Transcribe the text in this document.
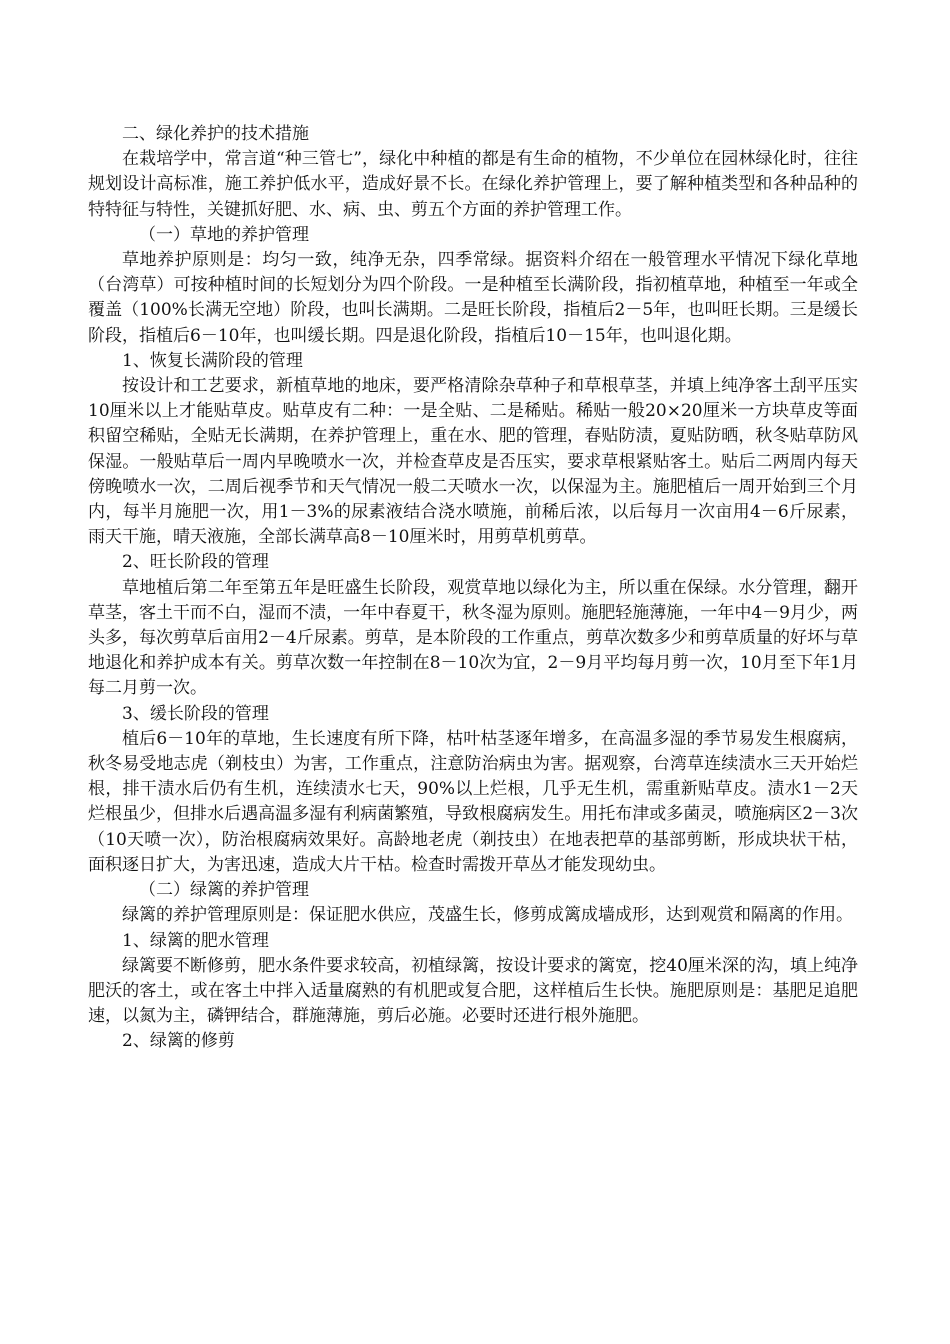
二、绿化养护的技术措施

在栽培学中，常言道“种三管七”，绿化中种植的都是有生命的植物，不少单位在园林绿化时，往往规划设计高标准，施工养护低水平，造成好景不长。在绿化养护管理上，要了解种植类型和各种品种的特特征与特性，关键抓好肥、水、病、虫、剪五个方面的养护管理工作。

（一）草地的养护管理

草地养护原则是：均匀一致，纯净无杂，四季常绿。据资料介绍在一般管理水平情况下绿化草地（台湾草）可按种植时间的长短划分为四个阶段。一是种植至长满阶段，指初植草地，种植至一年或全覆盖（100%长满无空地）阶段，也叫长满期。二是旺长阶段，指植后2－5年，也叫旺长期。三是缓长阶段，指植后6－10年，也叫缓长期。四是退化阶段，指植后10－15年，也叫退化期。

1、恢复长满阶段的管理

按设计和工艺要求，新植草地的地床，要严格清除杂草种子和草根草茎，并填上纯净客土刮平压实10厘米以上才能贴草皮。贴草皮有二种：一是全贴、二是稀贴。稀贴一般20×20厘米一方块草皮等面积留空稀贴，全贴无长满期，在养护管理上，重在水、肥的管理，春贴防渍，夏贴防晒，秋冬贴草防风保湿。一般贴草后一周内早晚喷水一次，并检查草皮是否压实，要求草根紧贴客土。贴后二两周内每天傍晚喷水一次，二周后视季节和天气情况一般二天喷水一次，以保湿为主。施肥植后一周开始到三个月内，每半月施肥一次，用1－3%的尿素液结合浇水喷施，前稀后浓，以后每月一次亩用4－6斤尿素，雨天干施，晴天液施，全部长满草高8－10厘米时，用剪草机剪草。

2、旺长阶段的管理

草地植后第二年至第五年是旺盛生长阶段，观赏草地以绿化为主，所以重在保绿。水分管理，翻开草茎，客土干而不白，湿而不渍，一年中春夏干，秋冬湿为原则。施肥轻施薄施，一年中4－9月少，两头多，每次剪草后亩用2－4斤尿素。剪草，是本阶段的工作重点，剪草次数多少和剪草质量的好坏与草地退化和养护成本有关。剪草次数一年控制在8－10次为宜，2－9月平均每月剪一次，10月至下年1月每二月剪一次。

3、缓长阶段的管理

植后6－10年的草地，生长速度有所下降，枯叶枯茎逐年增多，在高温多湿的季节易发生根腐病，秋冬易受地志虎（剃枝虫）为害，工作重点，注意防治病虫为害。据观察，台湾草连续渍水三天开始烂根，排干渍水后仍有生机，连续渍水七天，90%以上烂根，几乎无生机，需重新贴草皮。渍水1－2天烂根虽少，但排水后遇高温多湿有利病菌繁殖，导致根腐病发生。用托布津或多菌灵，喷施病区2－3次（10天喷一次），防治根腐病效果好。高龄地老虎（剃技虫）在地表把草的基部剪断，形成块状干枯，面积逐日扩大，为害迅速，造成大片干枯。检查时需拨开草丛才能发现幼虫。

（二）绿篱的养护管理

绿篱的养护管理原则是：保证肥水供应，茂盛生长，修剪成篱成墙成形，达到观赏和隔离的作用。

1、绿篱的肥水管理

绿篱要不断修剪，肥水条件要求较高，初植绿篱，按设计要求的篱宽，挖40厘米深的沟，填上纯净肥沃的客土，或在客土中拌入适量腐熟的有机肥或复合肥，这样植后生长快。施肥原则是：基肥足追肥速，以氮为主，磷钾结合，群施薄施，剪后必施。必要时还进行根外施肥。

2、绿篱的修剪
